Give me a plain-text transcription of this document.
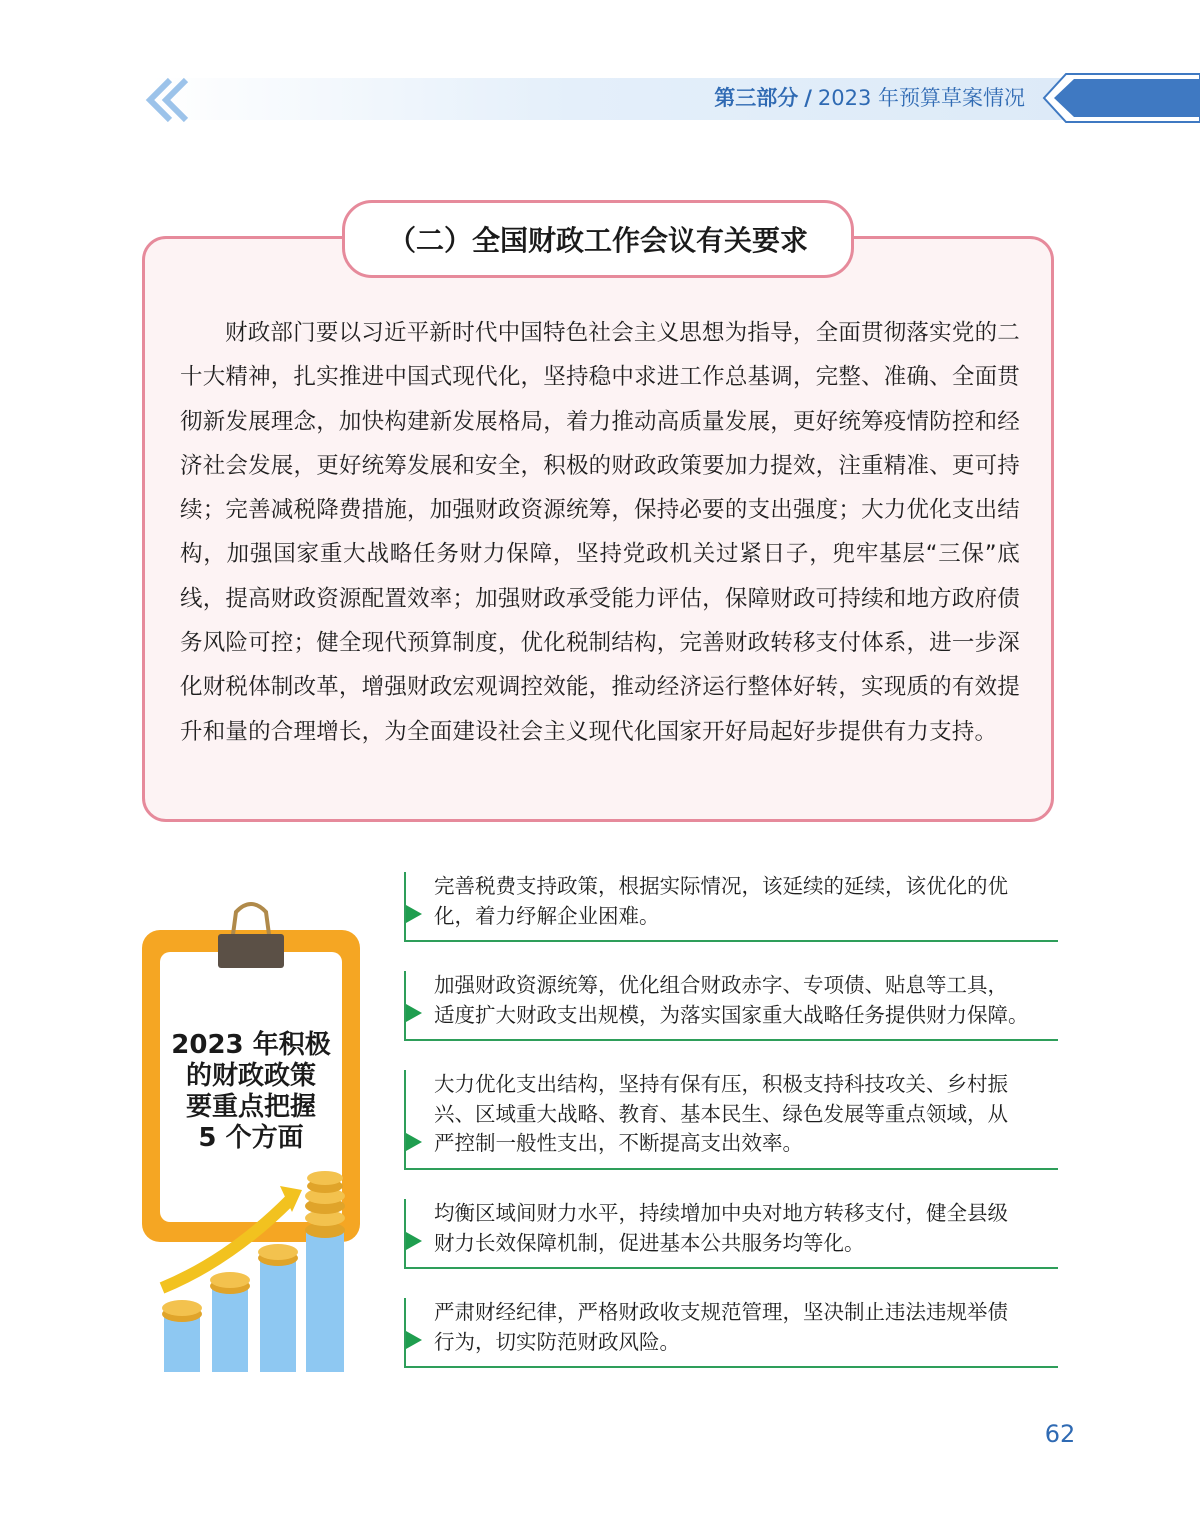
第三部分 / 2023 年预算草案情况
（二）全国财政工作会议有关要求
财政部门要以习近平新时代中国特色社会主义思想为指导，全面贯彻落实党的二十大精神，扎实推进中国式现代化，坚持稳中求进工作总基调，完整、准确、全面贯彻新发展理念，加快构建新发展格局，着力推动高质量发展，更好统筹疫情防控和经济社会发展，更好统筹发展和安全，积极的财政政策要加力提效，注重精准、更可持续；完善减税降费措施，加强财政资源统筹，保持必要的支出强度；大力优化支出结构，加强国家重大战略任务财力保障，坚持党政机关过紧日子，兜牢基层“三保”底线，提高财政资源配置效率；加强财政承受能力评估，保障财政可持续和地方政府债务风险可控；健全现代预算制度，优化税制结构，完善财政转移支付体系，进一步深化财税体制改革，增强财政宏观调控效能，推动经济运行整体好转，实现质的有效提升和量的合理增长，为全面建设社会主义现代化国家开好局起好步提供有力支持。
2023 年积极
的财政政策
要重点把握
5 个方面
完善税费支持政策，根据实际情况，该延续的延续，该优化的优
化，着力纾解企业困难。
加强财政资源统筹，优化组合财政赤字、专项债、贴息等工具，
适度扩大财政支出规模，为落实国家重大战略任务提供财力保障。
大力优化支出结构，坚持有保有压，积极支持科技攻关、乡村振
兴、区域重大战略、教育、基本民生、绿色发展等重点领域，从
严控制一般性支出，不断提高支出效率。
均衡区域间财力水平，持续增加中央对地方转移支付，健全县级
财力长效保障机制，促进基本公共服务均等化。
严肃财经纪律，严格财政收支规范管理，坚决制止违法违规举债
行为，切实防范财政风险。
62
